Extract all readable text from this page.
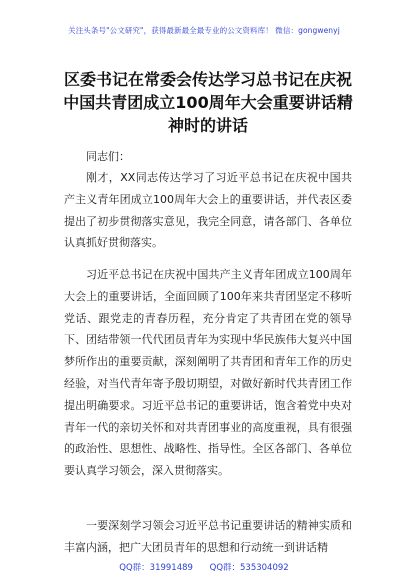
关注头条号"公文研究"，获得最新最全最专业的公文资料库！ 微信：gongwenyj
区委书记在常委会传达学习总书记在庆祝中国共青团成立100周年大会重要讲话精神时的讲话
同志们：
刚才，XX同志传达学习了习近平总书记在庆祝中国共产主义青年团成立100周年大会上的重要讲话，并代表区委提出了初步贯彻落实意见，我完全同意，请各部门、各单位认真抓好贯彻落实。
习近平总书记在庆祝中国共产主义青年团成立100周年大会上的重要讲话，全面回顾了100年来共青团坚定不移听党话、跟党走的青春历程，充分肯定了共青团在党的领导下、团结带领一代代团员青年为实现中华民族伟大复兴中国梦所作出的重要贡献，深刻阐明了共青团和青年工作的历史经验，对当代青年寄予殷切期望，对做好新时代共青团工作提出明确要求。习近平总书记的重要讲话，饱含着党中央对青年一代的亲切关怀和对共青团事业的高度重视，具有很强的政治性、思想性、战略性、指导性。全区各部门、各单位要认真学习领会，深入贯彻落实。
一要深刻学习领会习近平总书记重要讲话的精神实质和丰富内涵，把广大团员青年的思想和行动统一到讲话精
QQ群：31991489 QQ群：535304092
